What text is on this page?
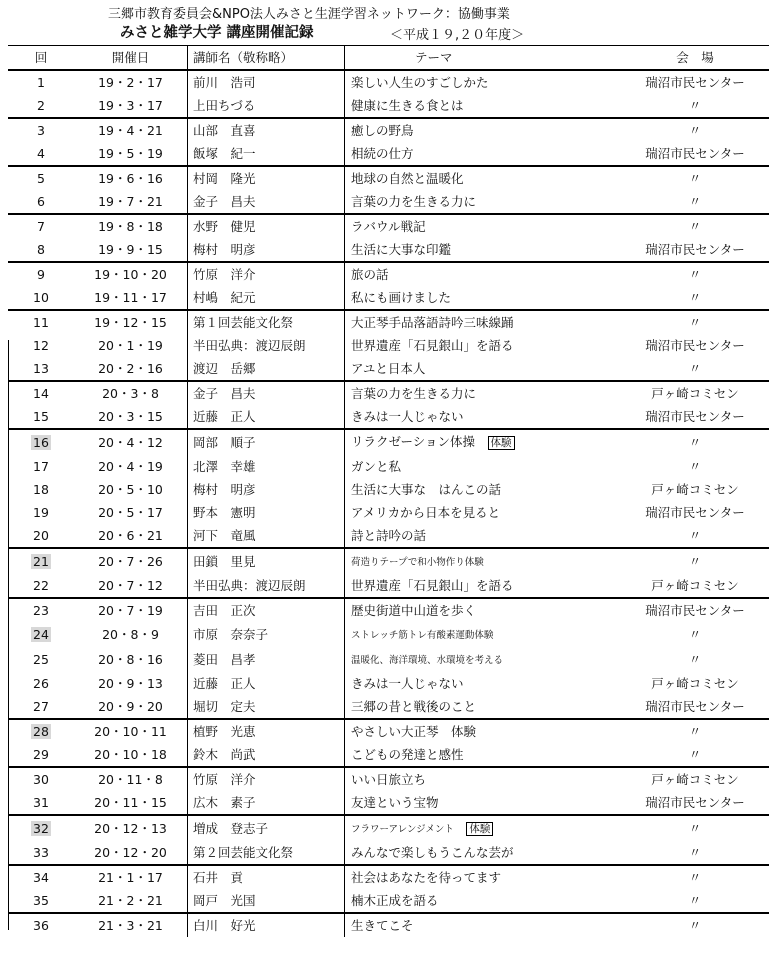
三郷市教育委員会&NPO法人みさと生涯学習ネットワーク：協働事業
みさと雑学大学 講座開催記録	＜平成１９,２０年度＞
回	開催日	講師名（敬称略）	テーマ	会　場
1	19・2・17	前川　浩司	楽しい人生のすごしかた	瑞沼市民センター
2	19・3・17	上田ちづる	健康に生きる食とは	〃
3	19・4・21	山部　直喜	癒しの野鳥	〃
4	19・5・19	飯塚　紀一	相続の仕方	瑞沼市民センター
5	19・6・16	村岡　隆光	地球の自然と温暖化	〃
6	19・7・21	金子　昌夫	言葉の力を生きる力に	〃
7	19・8・18	水野　健児	ラバウル戦記	〃
8	19・9・15	梅村　明彦	生活に大事な印鑑	瑞沼市民センター
9	19・10・20	竹原　洋介	旅の話	〃
10	19・11・17	村嶋　紀元	私にも画けました	〃
11	19・12・15	第１回芸能文化祭	大正琴手品落語詩吟三味線踊	〃
12	20・1・19	半田弘典：渡辺辰朗	世界遺産「石見銀山」を語る	瑞沼市民センター
13	20・2・16	渡辺　岳郷	アユと日本人	〃
14	20・3・8	金子　昌夫	言葉の力を生きる力に	戸ヶ崎コミセン
15	20・3・15	近藤　正人	きみは一人じゃない	瑞沼市民センター
16	20・4・12	岡部　順子	リラクゼーション体操　 体験	〃
17	20・4・19	北澤　幸雄	ガンと私	〃
18	20・5・10	梅村　明彦	生活に大事な　はんこの話	戸ヶ崎コミセン
19	20・5・17	野本　憲明	アメリカから日本を見ると	瑞沼市民センター
20	20・6・21	河下　竜風	詩と詩吟の話	〃
21	20・7・26	田鎖　里見	荷造りテープで和小物作り体験	〃
22	20・7・12	半田弘典：渡辺辰朗	世界遺産「石見銀山」を語る	戸ヶ崎コミセン
23	20・7・19	吉田　正次	歴史街道中山道を歩く	瑞沼市民センター
24	20・8・9	市原　奈奈子	ストレッチ筋トレ有酸素運動体験	〃
25	20・8・16	菱田　昌孝	温暖化、海洋環境、水環境を考える	〃
26	20・9・13	近藤　正人	きみは一人じゃない	戸ヶ崎コミセン
27	20・9・20	堀切　定夫	三郷の昔と戦後のこと	瑞沼市民センター
28	20・10・11	植野　光恵	やさしい大正琴　体験	〃
29	20・10・18	鈴木　尚武	こどもの発達と感性	〃
30	20・11・8	竹原　洋介	いい日旅立ち	戸ヶ崎コミセン
31	20・11・15	広木　素子	友達という宝物	瑞沼市民センター
32	20・12・13	増成　登志子	フラワーアレンジメント　 体験	〃
33	20・12・20	第２回芸能文化祭	みんなで楽しもうこんな芸が	〃
34	21・1・17	石井　貢	社会はあなたを待ってます	〃
35	21・2・21	岡戸　光国	楠木正成を語る	〃
36	21・3・21	白川　好光	生きてこそ	〃
